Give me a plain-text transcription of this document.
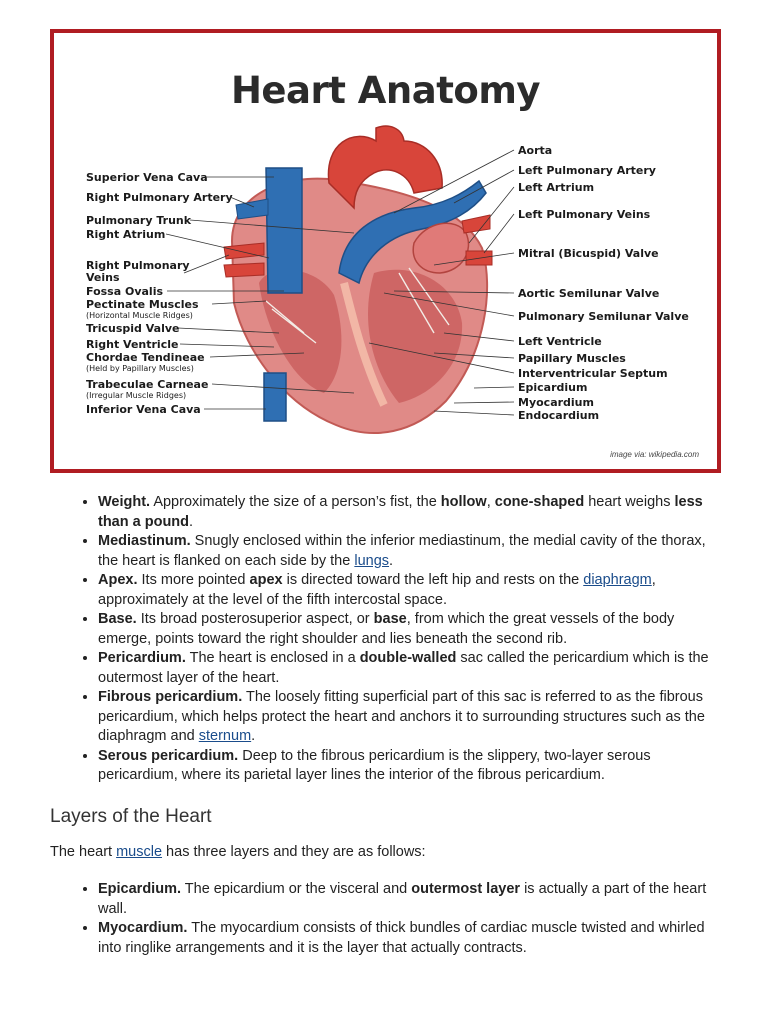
Heart Anatomy
Superior Vena Cava
Right Pulmonary Artery
Pulmonary Trunk
Right Atrium
Right Pulmonary
Veins
Fossa Ovalis
Pectinate Muscles
(Horizontal Muscle Ridges)
Tricuspid Valve
Right Ventricle
Chordae Tendineae
(Held by Papillary Muscles)
Trabeculae Carneae
(Irregular Muscle Ridges)
Inferior Vena Cava
Aorta
Left Pulmonary Artery
Left Artrium
Left Pulmonary Veins
Mitral (Bicuspid) Valve
Aortic Semilunar Valve
Pulmonary Semilunar Valve
Left Ventricle
Papillary Muscles
Interventricular Septum
Epicardium
Myocardium
Endocardium
image via: wikipedia.com
• Weight. Approximately the size of a person’s fist, the hollow, cone-shaped heart weighs less than a pound.
• Mediastinum. Snugly enclosed within the inferior mediastinum, the medial cavity of the thorax, the heart is flanked on each side by the lungs.
• Apex. Its more pointed apex is directed toward the left hip and rests on the diaphragm, approximately at the level of the fifth intercostal space.
• Base. Its broad posterosuperior aspect, or base, from which the great vessels of the body emerge, points toward the right shoulder and lies beneath the second rib.
• Pericardium. The heart is enclosed in a double-walled sac called the pericardium which is the outermost layer of the heart.
• Fibrous pericardium. The loosely fitting superficial part of this sac is referred to as the fibrous pericardium, which helps protect the heart and anchors it to surrounding structures such as the diaphragm and sternum.
• Serous pericardium. Deep to the fibrous pericardium is the slippery, two-layer serous pericardium, where its parietal layer lines the interior of the fibrous pericardium.
Layers of the Heart

The heart muscle has three layers and they are as follows:

• Epicardium. The epicardium or the visceral and outermost layer is actually a part of the heart wall.
• Myocardium. The myocardium consists of thick bundles of cardiac muscle twisted and whirled into ringlike arrangements and it is the layer that actually contracts.
